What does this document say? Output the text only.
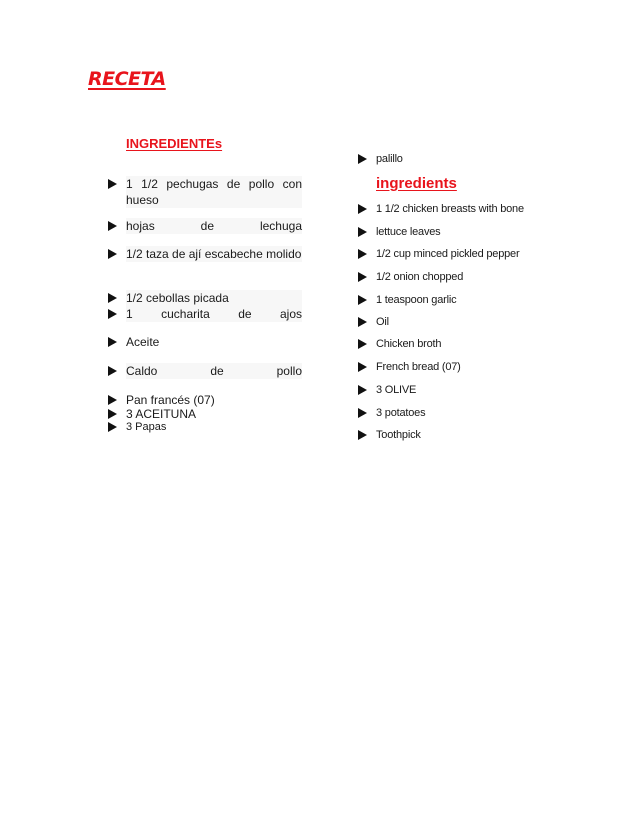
RECETA
INGREDIENTEs
1 1/2 pechugas de pollo con hueso
hojas de lechuga
1/2 taza de ají escabeche molido
1/2 cebollas picada
1 cucharita de ajos
Aceite
Caldo de pollo
Pan francés (07)
3 ACEITUNA
3 Papas
palillo
ingredients
1 1/2 chicken breasts with bone
lettuce leaves
1/2 cup minced pickled pepper
1/2 onion chopped
1 teaspoon garlic
Oil
Chicken broth
French bread (07)
3 OLIVE
3 potatoes
Toothpick
